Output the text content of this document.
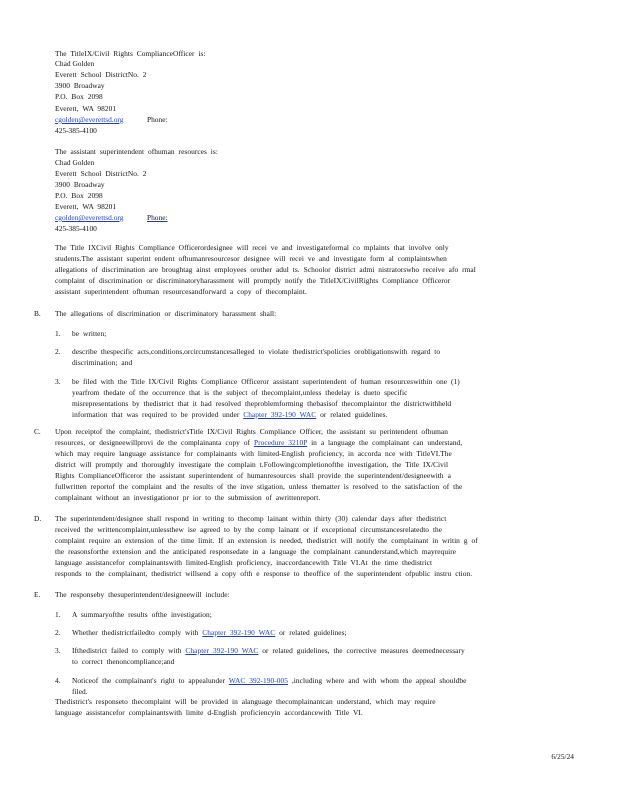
The TitleIX/Civil Rights ComplianceOfficer is:
Chad Golden
Everett School DistrictNo. 2
3900 Broadway
P.O. Box 2098
Everett, WA 98201
cgolden@everettsd.org	Phone:
425-385-4100
The assistant superintendent ofhuman resources is:
Chad Golden
Everett School DistrictNo. 2
3900 Broadway
P.O. Box 2098
Everett, WA 98201
cgolden@everettsd.org	Phone:
425-385-4100
The Title IXCivil Rights Compliance Officerordesignee will recei ve and investigateformal co mplaints that involve only
students.The assistant superint endent ofhumanresourcesor designee will recei ve and investigate form al complaintswhen
allegations of discrimination are broughtag ainst employees orother adul ts. Schoolor district admi nistratorswho receive afo rmal
complaint of discrimination or discriminatoryharassment will promptly notify the TitleIX/CivilRights Compliance Officeror
assistant superintendent ofhuman resourcesandforward a copy of thecomplaint.
B. The allegations of discrimination or discriminatory harassment shall:
1. be written;
2. describe thespecific acts,conditions,orcircumstancesalleged to violate thedistrict'spolicies orobligationswith regard to
discrimination; and
3. be filed with the Title IX/Civil Rights Compliance Officeror assistant superintendent of human resourceswithin one (1)
yearfrom thedate of the occurrence that is the subject of thecomplaint,unless thedelay is dueto specific
misrepresentations by thedistrict that it had resolved theproblemforming thebasisof thecomplaintor the districtwithheld
information that was required to be provided under Chapter 392-190 WAC or related guidelines.
C. Upon receiptof the complaint, thedistrict'sTitle IX/Civil Rights Compliance Officer, the assistant su perintendent ofhuman
resources, or designeewillprovi de the complainanta copy of Procedure 3210P in a language the complainant can understand,
which may require language assistance for complainants with limited-English proficiency, in accorda nce with TitleVI.The
district will promptly and thoroughly investigate the complain t.Followingcompletionofthe investigation, the Title IX/Civil
Rights ComplianceOfficeror the assistant superintendent of humanresources shall provide the superintendent/designeewith a
fullwritten reportof the complaint and the results of the inve stigation, unless thematter is resolved to the satisfaction of the
complainant without an investigationor pr ior to the submission of awrittenreport.
D. The superintendent/designee shall respond in writing to thecomp lainant within thirty (30) calendar days after thedistrict
received the writtencomplaint,unlessthew ise agreed to by the comp lainant or if exceptional circumstancesrelatedto the
complaint require an extension of the time limit. If an extension is needed, thedistrict will notify the complainant in writin g of
the reasonsforthe extension and the anticipated responsedate in a language the complainant canunderstand,which mayrequire
language assistancefor complainantswith limited-English proficiency, inaccordancewith Title VI.At the time thedistrict
responds to the complainant, thedistrict willsend a copy ofth e response to theoffice of the superintendent ofpublic instru ction.
E. The responseby thesuperintendent/designeewill include:
1. A summaryofthe results ofthe investigation;
2. Whether thedistrictfailedto comply with Chapter 392-190 WAC or related guidelines;
3. Ifthedistrict failed to comply with Chapter 392-190 WAC or related guidelines, the corrective measures deemednecessary
to correct thenoncompliance;and
4. Noticeof the complainant's right to appealunder WAC 392-190-005 ,including where and with whom the appeal shouldbe
filed.
Thedistrict's responseto thecomplaint will be provided in alanguage thecomplainantcan understand, which may require
language assistancefor complainantswith limite d-English proficiencyin accordancewith Title VI.
6/25/24
